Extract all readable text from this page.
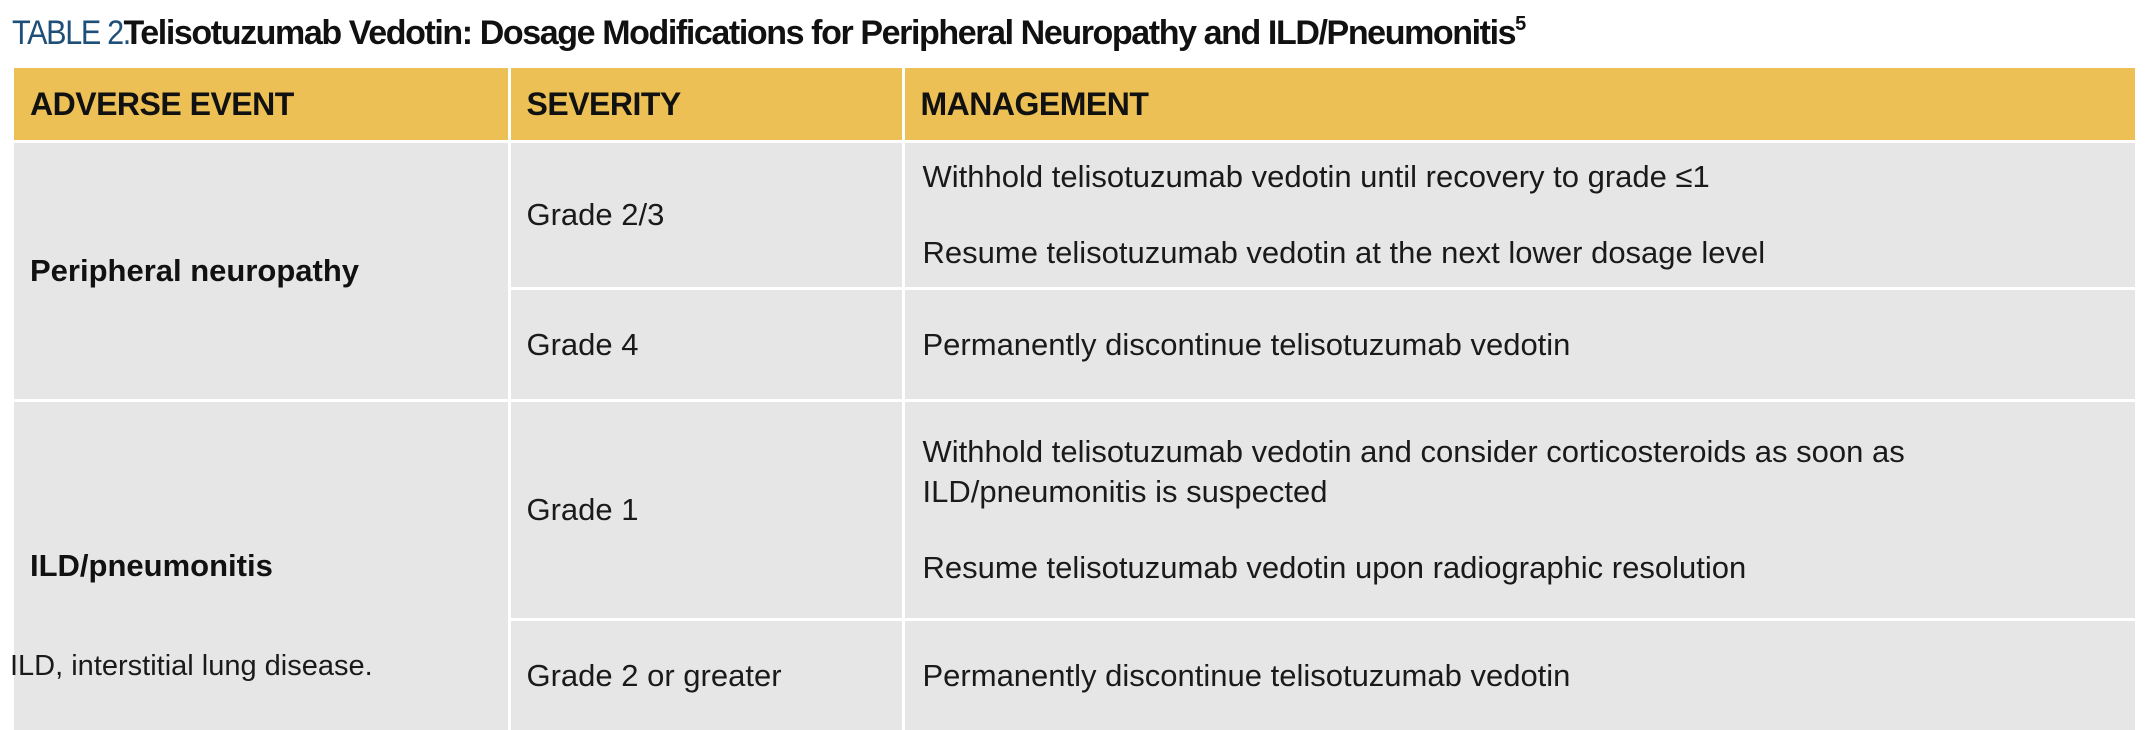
TABLE 2. Telisotuzumab Vedotin: Dosage Modifications for Peripheral Neuropathy and ILD/Pneumonitis$^5$
ADVERSE EVENT	SEVERITY	MANAGEMENT
Peripheral neuropathy	Grade 2/3	Withhold telisotuzumab vedotin until recovery to grade ≤1
Resume telisotuzumab vedotin at the next lower dosage level

	Grade 4	Permanently discontinue telisotuzumab vedotin

ILD/pneumonitis	Grade 1	Withhold telisotuzumab vedotin and consider corticosteroids as soon as ILD/pneumonitis is suspected
Resume telisotuzumab vedotin upon radiographic resolution

	Grade 2 or greater	Permanently discontinue telisotuzumab vedotin
ILD, interstitial lung disease.
